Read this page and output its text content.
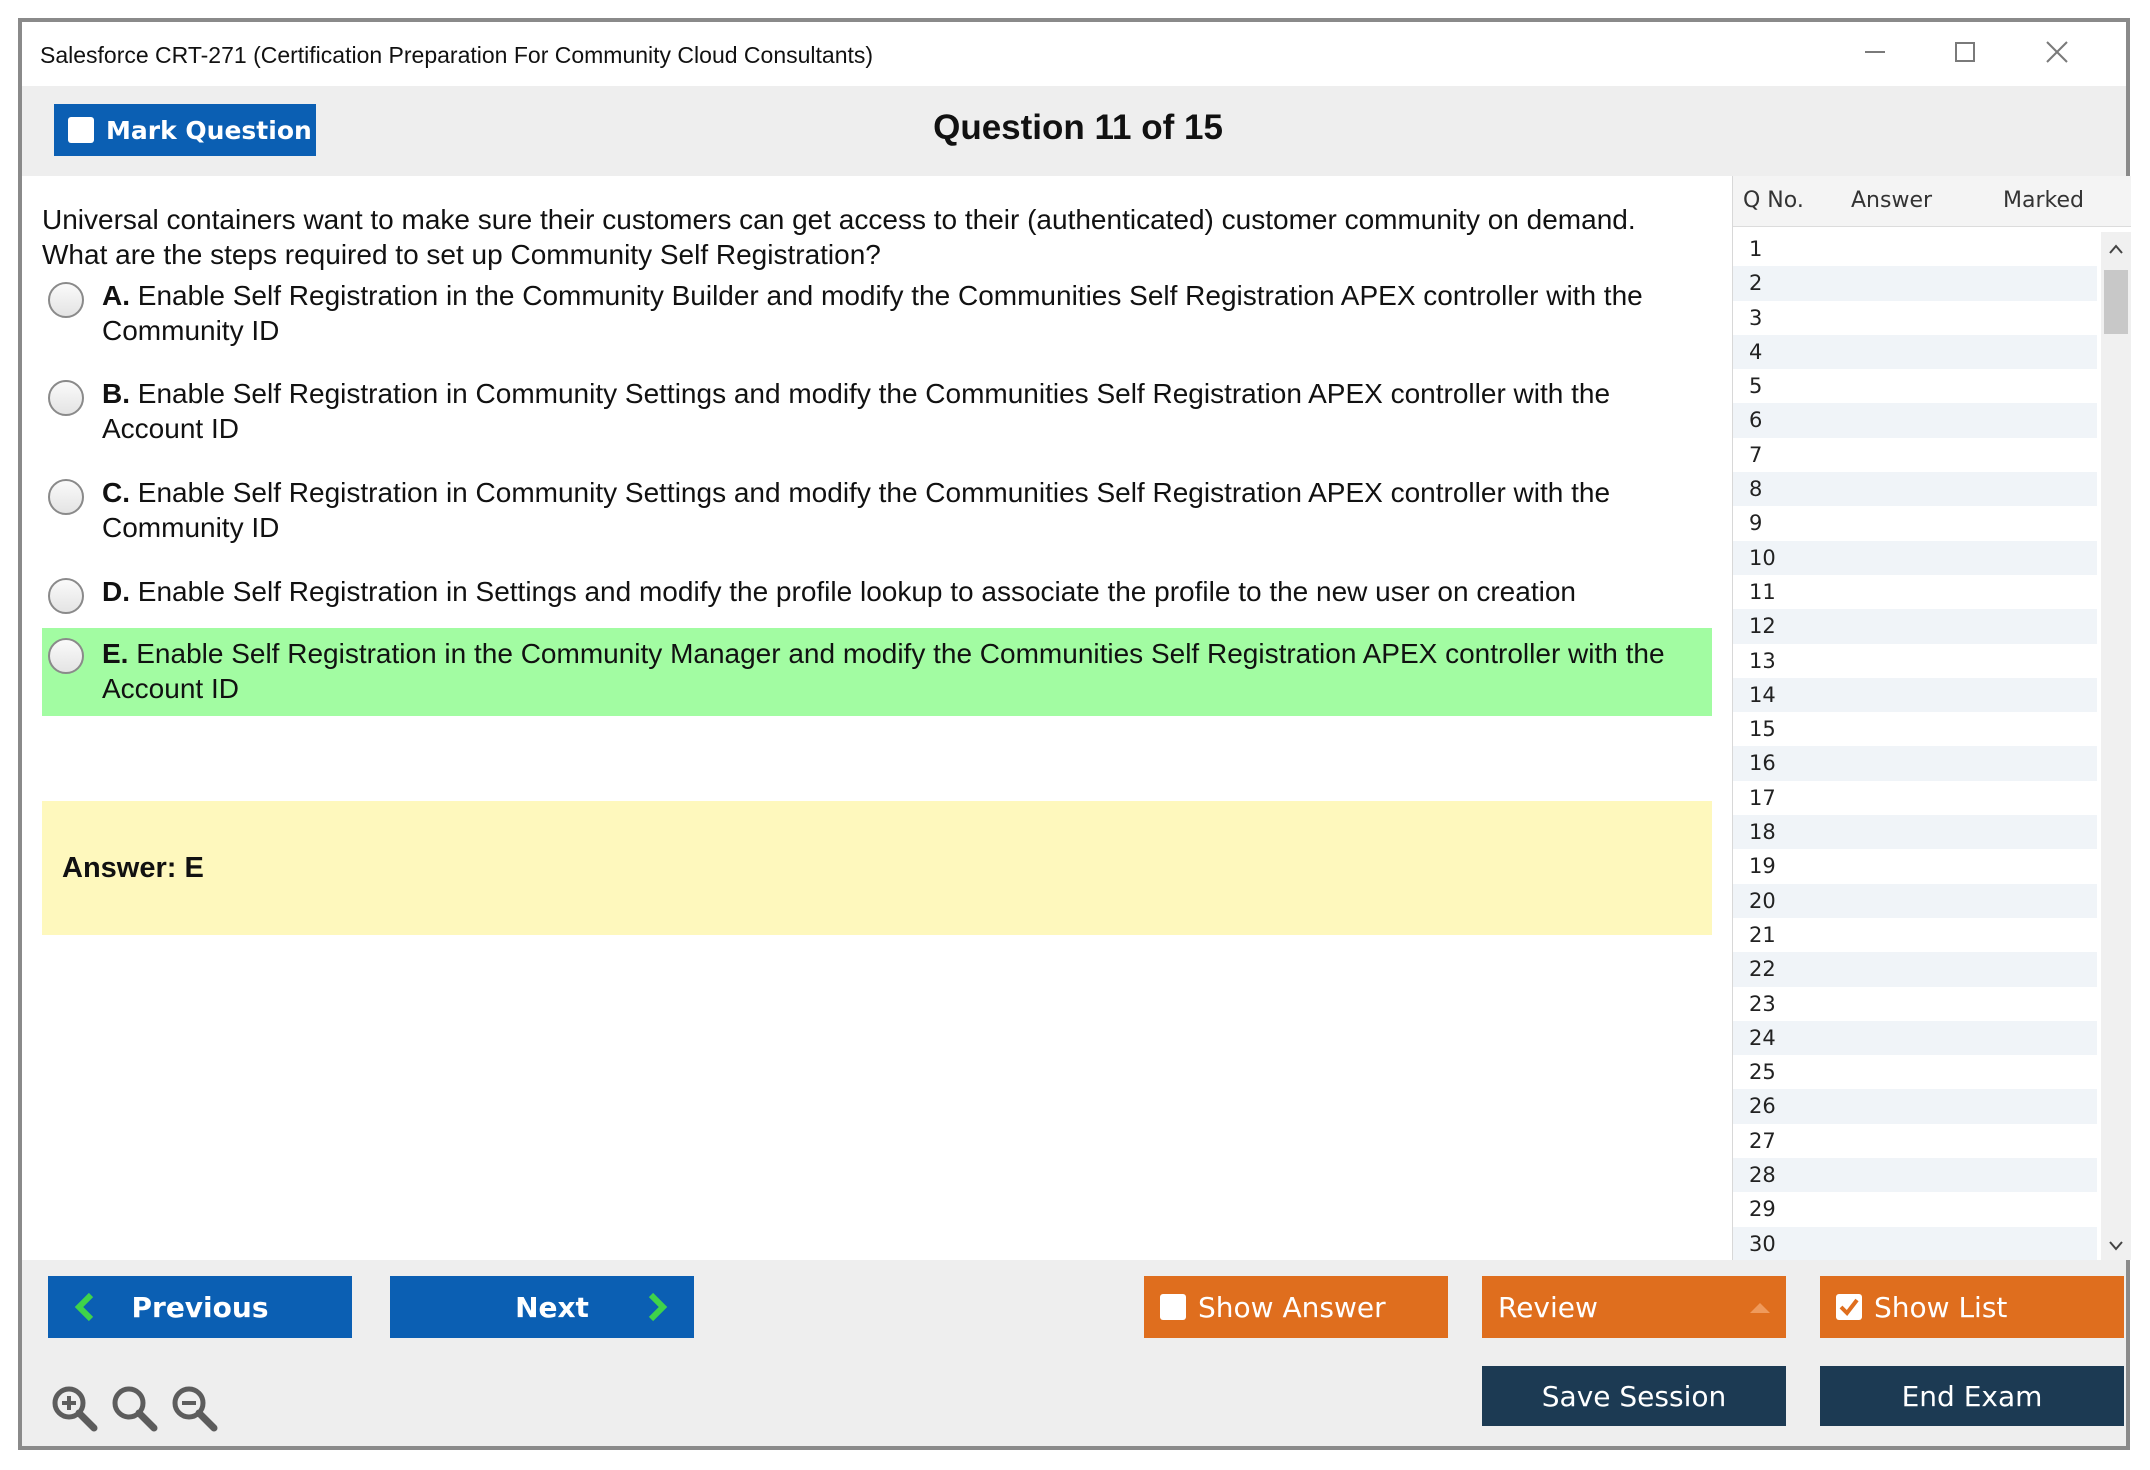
Salesforce CRT-271 (Certification Preparation For Community Cloud Consultants)
Mark Question	Question 11 of 15
Universal containers want to make sure their customers can get access to their (authenticated) customer community on demand. What are the steps required to set up Community Self Registration?
A. Enable Self Registration in the Community Builder and modify the Communities Self Registration APEX controller with the Community ID
B. Enable Self Registration in Community Settings and modify the Communities Self Registration APEX controller with the Account ID
C. Enable Self Registration in Community Settings and modify the Communities Self Registration APEX controller with the Community ID
D. Enable Self Registration in Settings and modify the profile lookup to associate the profile to the new user on creation
E. Enable Self Registration in the Community Manager and modify the Communities Self Registration APEX controller with the Account ID
Answer: E
Q No. Answer	Marked
1
2
3
4
5
6
7
8
9
10
11
12
13
14
15
16
17
18
19
20
21
22
23
24
25
26
27
28
29
30
Previous	Next	Show Answer	Review	Show List
Save Session	End Exam
